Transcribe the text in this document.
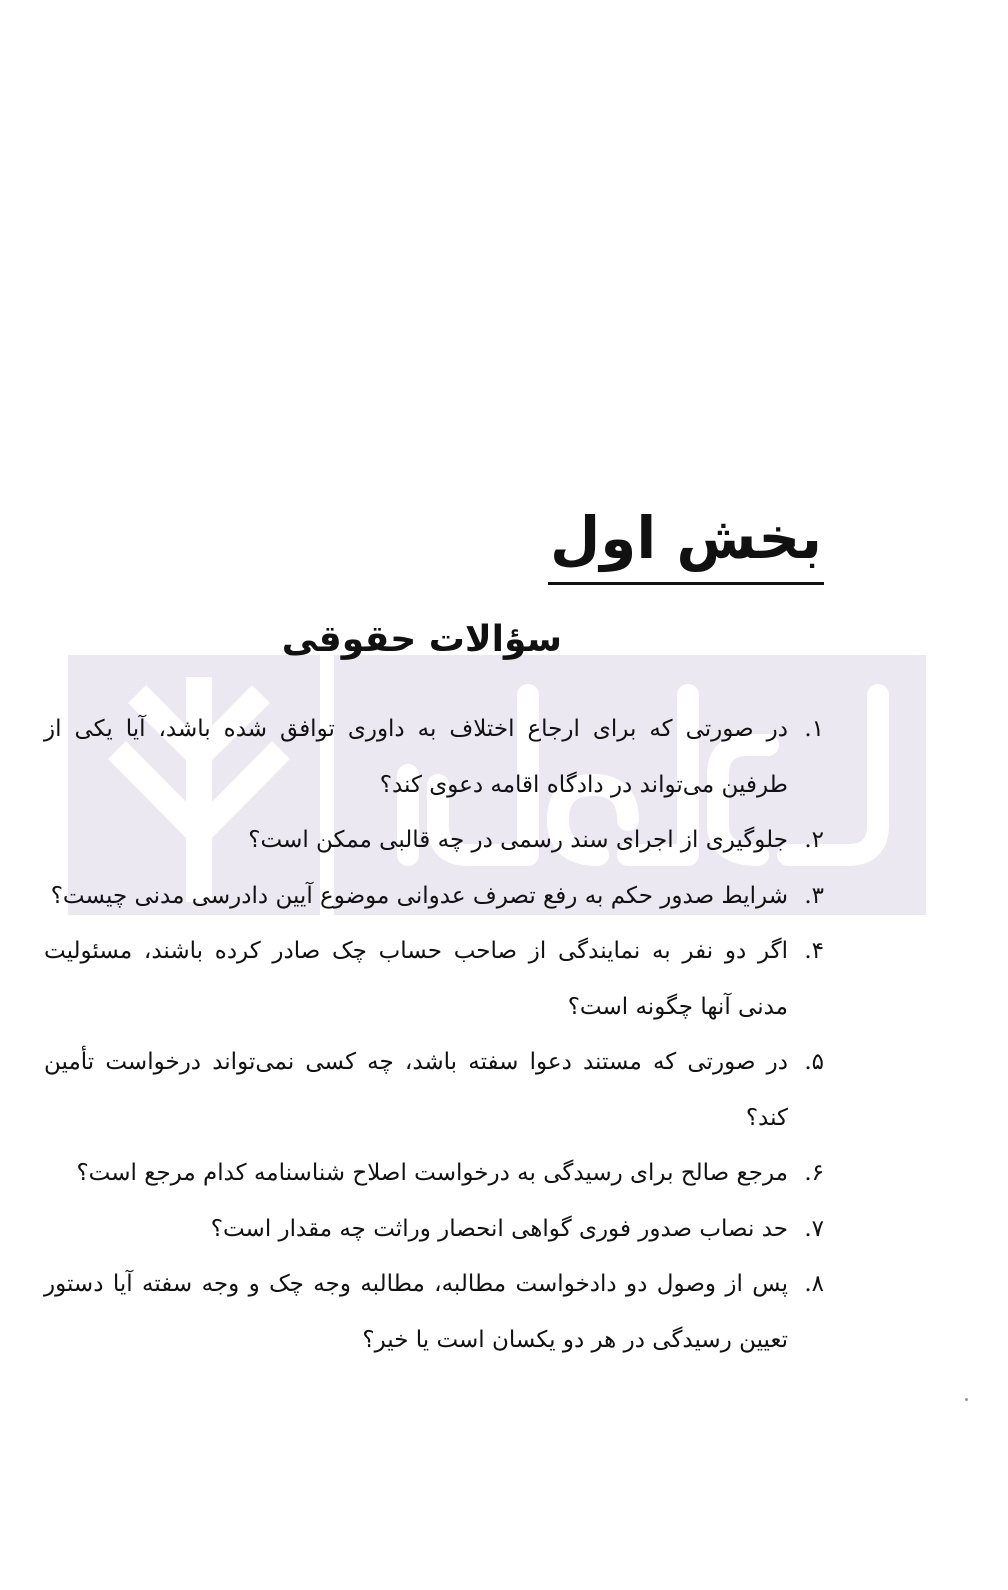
بخش اول
سؤالات حقوقی
۱.
در صورتی که برای ارجاع اختلاف به داوری توافق شده باشد، آیا یکی از طرفین می‌تواند در دادگاه اقامه دعوی کند؟
۲.
جلوگیری از اجرای سند رسمی در چه قالبی ممکن است؟
۳.
شرایط صدور حکم به رفع تصرف عدوانی موضوع آیین دادرسی مدنی چیست؟
۴.
اگر دو نفر به نمایندگی از صاحب حساب چک صادر کرده باشند، مسئولیت مدنی آنها چگونه است؟
۵.
در صورتی که مستند دعوا سفته باشد، چه کسی نمی‌تواند درخواست تأمین کند؟
۶.
مرجع صالح برای رسیدگی به درخواست اصلاح شناسنامه کدام مرجع است؟
۷.
حد نصاب صدور فوری گواهی انحصار وراثت چه مقدار است؟
۸.
پس از وصول دو دادخواست مطالبه، مطالبه وجه چک و وجه سفته آیا دستور تعیین رسیدگی در هر دو یکسان است یا خیر؟
